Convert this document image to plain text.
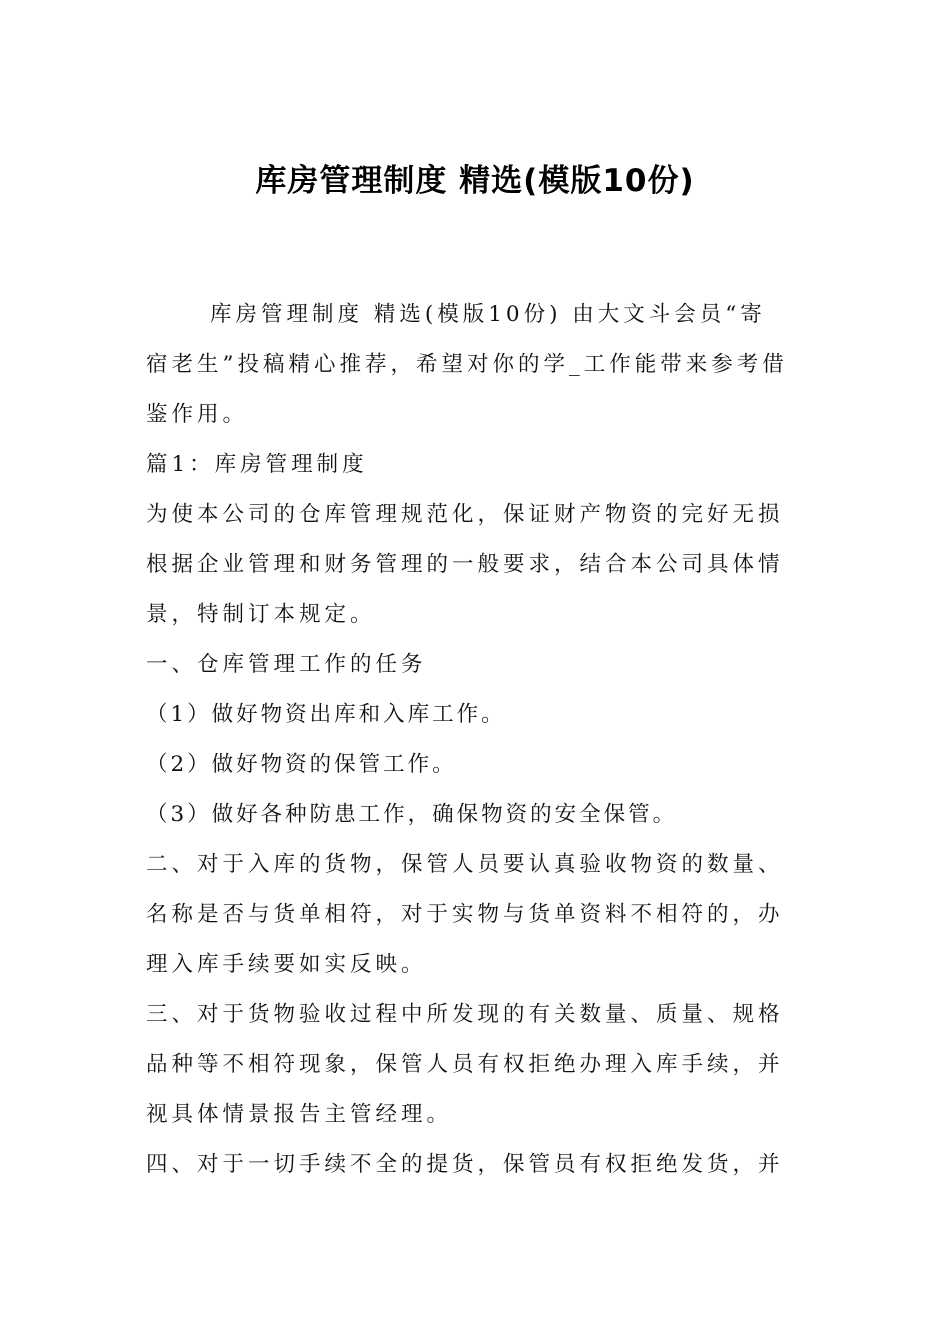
库房管理制度 精选(模版10份)

库房管理制度 精选(模版10份) 由大文斗会员“寄

宿老生”投稿精心推荐，希望对你的学_工作能带来参考借

鉴作用。

篇1：库房管理制度

为使本公司的仓库管理规范化，保证财产物资的完好无损

根据企业管理和财务管理的一般要求，结合本公司具体情

景，特制订本规定。

一、仓库管理工作的任务

（1）做好物资出库和入库工作。

（2）做好物资的保管工作。

（3）做好各种防患工作，确保物资的安全保管。

二、对于入库的货物，保管人员要认真验收物资的数量、

名称是否与货单相符，对于实物与货单资料不相符的，办

理入库手续要如实反映。

三、对于货物验收过程中所发现的有关数量、质量、规格

品种等不相符现象，保管人员有权拒绝办理入库手续，并

视具体情景报告主管经理。

四、对于一切手续不全的提货，保管员有权拒绝发货，并
